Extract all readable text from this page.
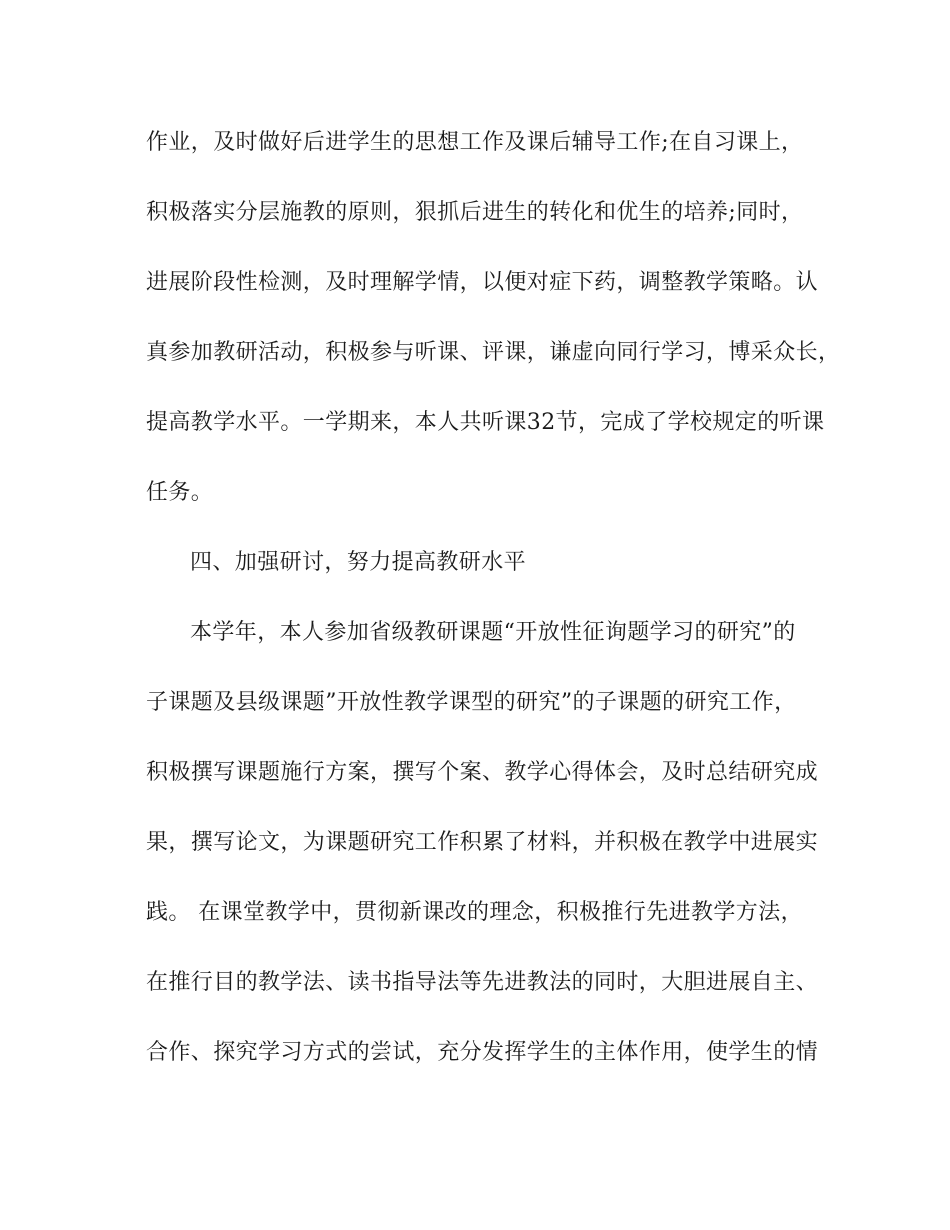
作业，及时做好后进学生的思想工作及课后辅导工作;在自习课上，
积极落实分层施教的原则，狠抓后进生的转化和优生的培养;同时，
进展阶段性检测，及时理解学情，以便对症下药，调整教学策略。认
真参加教研活动，积极参与听课、评课，谦虚向同行学习，博采众长，
提高教学水平。一学期来，本人共听课32节，完成了学校规定的听课
任务。
四、加强研讨，努力提高教研水平
本学年，本人参加省级教研课题“开放性征询题学习的研究”的
子课题及县级课题”开放性教学课型的研究”的子课题的研究工作，
积极撰写课题施行方案，撰写个案、教学心得体会，及时总结研究成
果，撰写论文，为课题研究工作积累了材料，并积极在教学中进展实
践。 在课堂教学中，贯彻新课改的理念，积极推行先进教学方法，
在推行目的教学法、读书指导法等先进教法的同时，大胆进展自主、
合作、探究学习方式的尝试，充分发挥学生的主体作用，使学生的情
